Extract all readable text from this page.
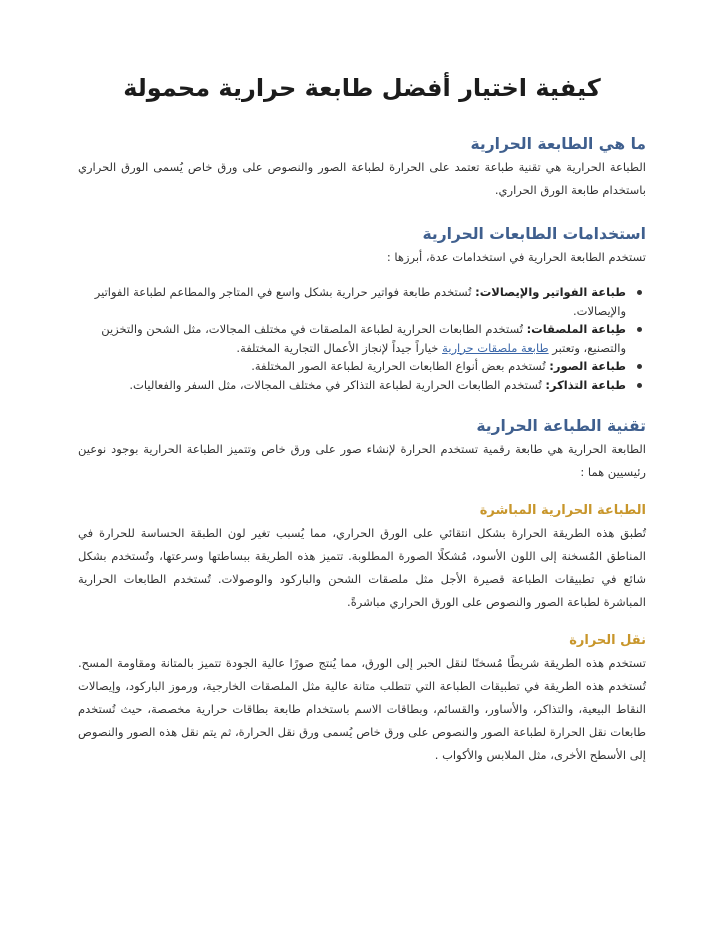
كيفية اختيار أفضل طابعة حرارية محمولة
ما هي الطابعة الحرارية

الطباعة الحرارية هي تقنية طباعة تعتمد على الحرارة لطباعة الصور والنصوص على ورق خاص يُسمى الورق الحراري باستخدام طابعة الورق الحراري.

استخدامات الطابعات الحرارية

تستخدم الطابعة الحرارية في استخدامات عدة، أبرزها :

طباعة الفواتير والإيصالات: تُستخدم طابعة فواتير حرارية بشكل واسع في المتاجر والمطاعم لطباعة الفواتير والإيصالات.
طِباعة الملصقات: تُستخدم الطابعات الحرارية لطباعة الملصقات في مختلف المجالات، مثل الشحن والتخزين والتصنيع، وتعتبر طابعة ملصقات حرارية خياراً جيداً لإنجاز الأعمال التجارية المختلفة.
طباعة الصور: تُستخدم بعض أنواع الطابعات الحرارية لطباعة الصور المختلفة.
طباعة التذاكر: تُستخدم الطابعات الحرارية لطباعة التذاكر في مختلف المجالات، مثل السفر والفعاليات.
تقنية الطباعة الحرارية

الطابعة الحرارية هي طابعة رقمية تستخدم الحرارة لإنشاء صور على ورق خاص وتتميز الطباعة الحرارية بوجود نوعين رئيسيين هما :

الطباعة الحرارية المباشرة

تُطبق هذه الطريقة الحرارة بشكل انتقائي على الورق الحراري، مما يُسبب تغير لون الطبقة الحساسة للحرارة في المناطق المُسخنة إلى اللون الأسود، مُشكلًا الصورة المطلوبة. تتميز هذه الطريقة ببساطتها وسرعتها، وتُستخدم بشكل شائع في تطبيقات الطباعة قصيرة الأجل مثل ملصقات الشحن والباركود والوصولات. تُستخدم الطابعات الحرارية المباشرة لطباعة الصور والنصوص على الورق الحراري مباشرةً.

نقل الحرارة

تستخدم هذه الطريقة شريطًا مُسخنًا لنقل الحبر إلى الورق، مما يُنتج صورًا عالية الجودة تتميز بالمتانة ومقاومة المسح. تُستخدم هذه الطريقة في تطبيقات الطباعة التي تتطلب متانة عالية مثل الملصقات الخارجية، ورموز الباركود، وإيصالات النقاط البيعية، والتذاكر، والأساور، والقسائم، وبطاقات الاسم باستخدام طابعة بطاقات حرارية مخصصة، حيث تُستخدم طابعات نقل الحرارة لطباعة الصور والنصوص على ورق خاص يُسمى ورق نقل الحرارة، ثم يتم نقل هذه الصور والنصوص إلى الأسطح الأخرى، مثل الملابس والأكواب .
